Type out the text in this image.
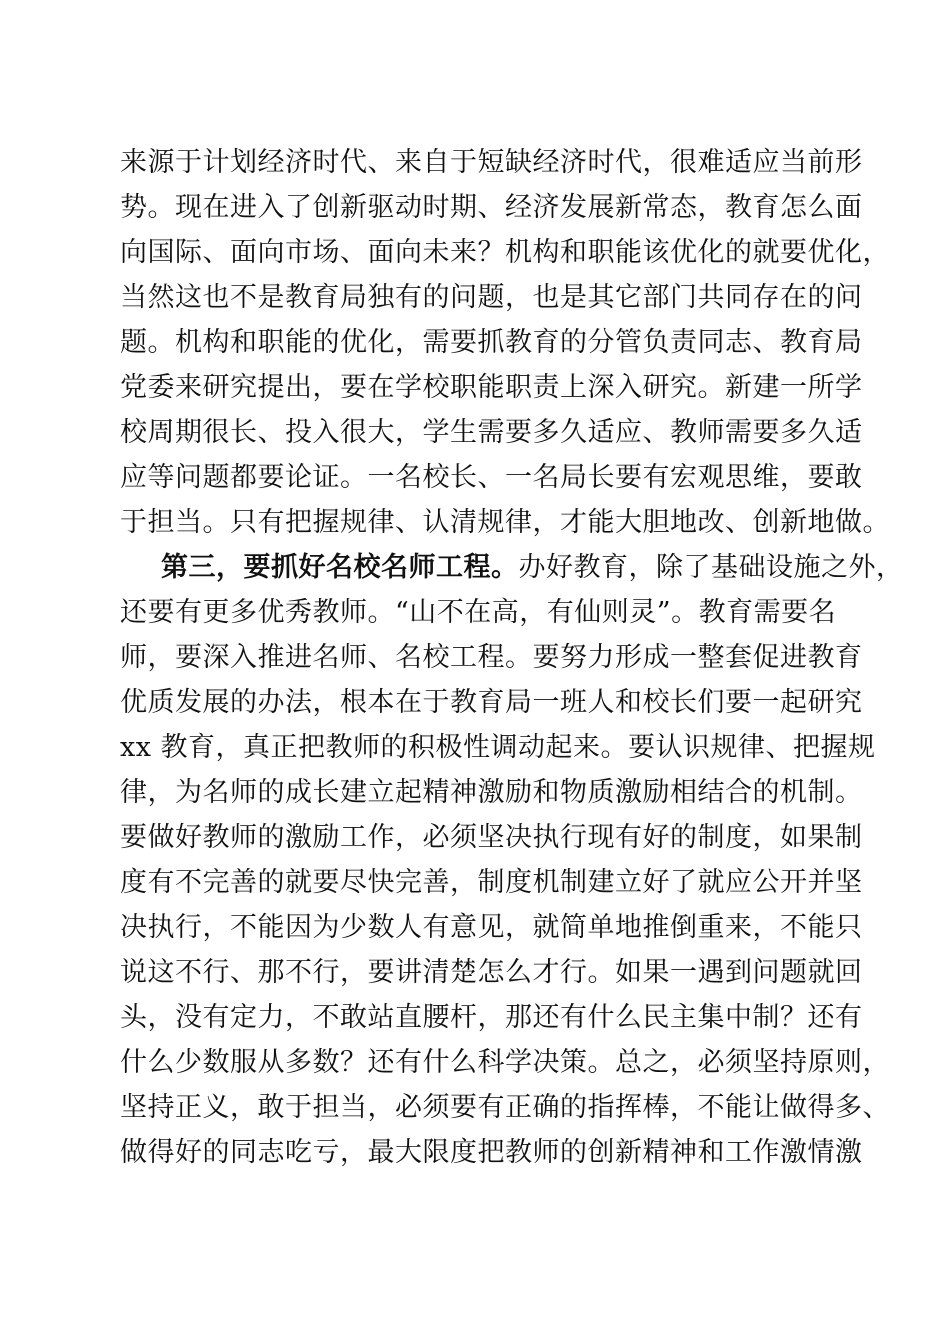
来源于计划经济时代、来自于短缺经济时代，很难适应当前形
势。现在进入了创新驱动时期、经济发展新常态，教育怎么面
向国际、面向市场、面向未来？机构和职能该优化的就要优化，
当然这也不是教育局独有的问题，也是其它部门共同存在的问
题。机构和职能的优化，需要抓教育的分管负责同志、教育局
党委来研究提出，要在学校职能职责上深入研究。新建一所学
校周期很长、投入很大，学生需要多久适应、教师需要多久适
应等问题都要论证。一名校长、一名局长要有宏观思维，要敢
于担当。只有把握规律、认清规律，才能大胆地改、创新地做。
第三，要抓好名校名师工程。办好教育，除了基础设施之外，
还要有更多优秀教师。“山不在高，有仙则灵”。教育需要名
师，要深入推进名师、名校工程。要努力形成一整套促进教育
优质发展的办法，根本在于教育局一班人和校长们要一起研究
xx 教育，真正把教师的积极性调动起来。要认识规律、把握规
律，为名师的成长建立起精神激励和物质激励相结合的机制。
要做好教师的激励工作，必须坚决执行现有好的制度，如果制
度有不完善的就要尽快完善，制度机制建立好了就应公开并坚
决执行，不能因为少数人有意见，就简单地推倒重来，不能只
说这不行、那不行，要讲清楚怎么才行。如果一遇到问题就回
头，没有定力，不敢站直腰杆，那还有什么民主集中制？还有
什么少数服从多数？还有什么科学决策。总之，必须坚持原则，
坚持正义，敢于担当，必须要有正确的指挥棒，不能让做得多、
做得好的同志吃亏，最大限度把教师的创新精神和工作激情激
